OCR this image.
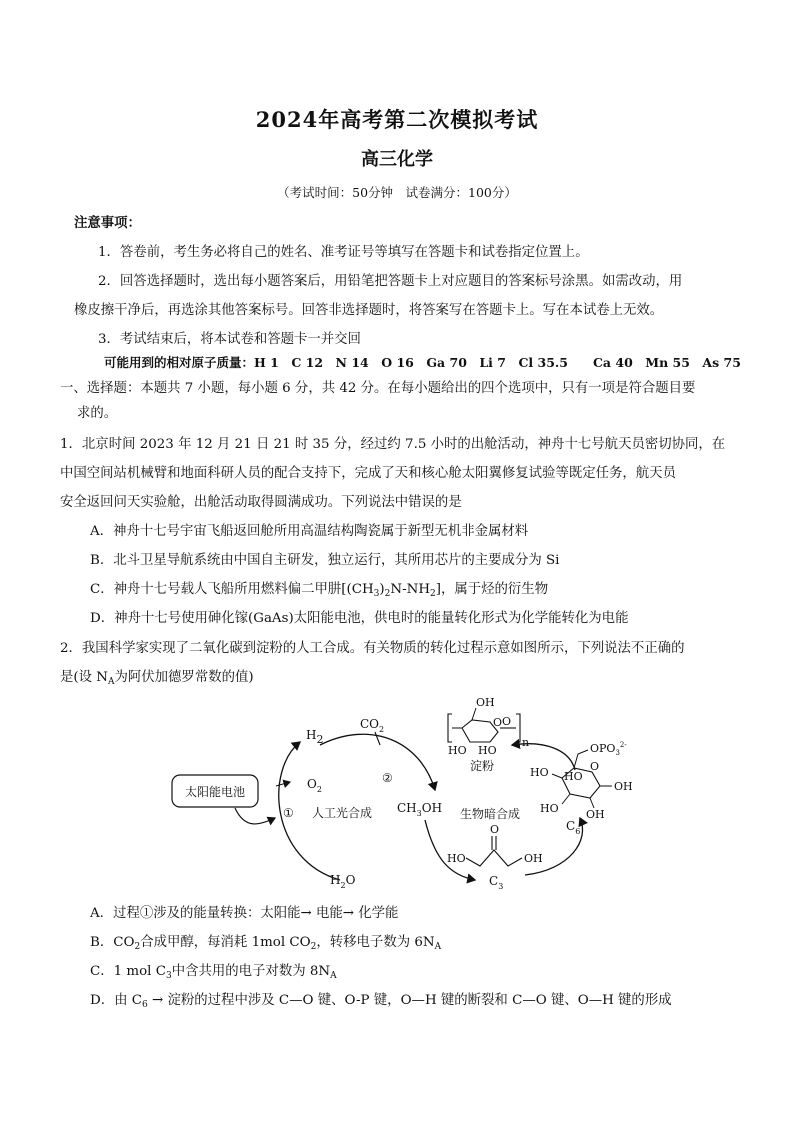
2024年高考第二次模拟考试
高三化学
（考试时间：50分钟　试卷满分：100分）
注意事项：
1．答卷前，考生务必将自己的姓名、准考证号等填写在答题卡和试卷指定位置上。
2．回答选择题时，选出每小题答案后，用铅笔把答题卡上对应题目的答案标号涂黑。如需改动，用
橡皮擦干净后，再选涂其他答案标号。回答非选择题时，将答案写在答题卡上。写在本试卷上无效。
3．考试结束后，将本试卷和答题卡一并交回
可能用到的相对原子质量：H 1　C 12　N 14　O 16　Ga 70　Li 7　Cl 35.5　　Ca 40　Mn 55　As 75
一、选择题：本题共 7 小题，每小题 6 分，共 42 分。在每小题给出的四个选项中，只有一项是符合题目要
求的。
1．北京时间 2023 年 12 月 21 日 21 时 35 分，经过约 7.5 小时的出舱活动，神舟十七号航天员密切协同，在
中国空间站机械臂和地面科研人员的配合支持下，完成了天和核心舱太阳翼修复试验等既定任务，航天员
安全返回问天实验舱，出舱活动取得圆满成功。下列说法中错误的是
A．神舟十七号宇宙飞船返回舱所用高温结构陶瓷属于新型无机非金属材料
B．北斗卫星导航系统由中国自主研发，独立运行，其所用芯片的主要成分为 Si
C．神舟十七号载人飞船所用燃料偏二甲肼$[(CH_3)_2N-NH_2]$，属于烃的衍生物
D．神舟十七号使用砷化镓(GaAs)太阳能电池，供电时的能量转化形式为化学能转化为电能
2．我国科学家实现了二氧化碳到淀粉的人工合成。有关物质的转化过程示意如图所示，下列说法不正确的
是(设 $N_A$为阿伏加德罗常数的值)
太阳能电池
H2
$O_2$
$H_2O$
① 人工光合成
$CO_2$
②
$CH_3OH$ 生物暗合成
HO
O
OH
$C_3$
O
$OPO_3^{2-}$
HO
HO OH
OH
HO
$C_6$
n
O O
OH
HO HO
淀粉
A．过程①涉及的能量转换：太阳能→ 电能→ 化学能
B．$CO_2$合成甲醇，每消耗 1mol $CO_2$，转移电子数为 $6N_A$
C．1 mol $C_3$中含共用的电子对数为 $8N_A$
D．由 $C_6$ → 淀粉的过程中涉及 C—O 键、O-P 键，O—H 键的断裂和 C—O 键、O—H 键的形成
